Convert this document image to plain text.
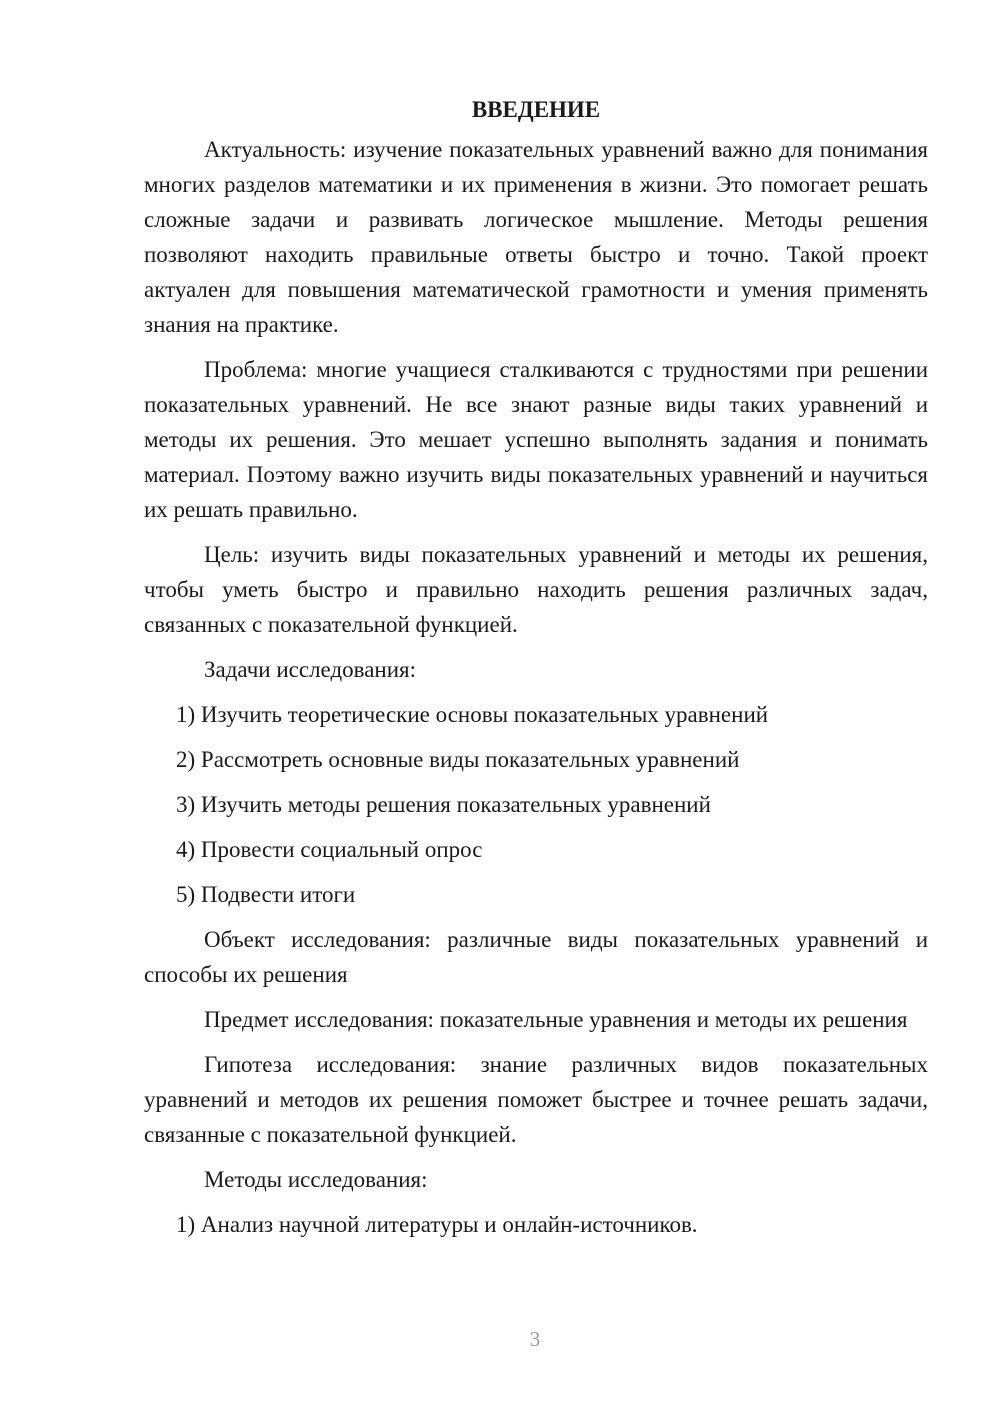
ВВЕДЕНИЕ

Актуальность: изучение показательных уравнений важно для понимания многих разделов математики и их применения в жизни. Это помогает решать сложные задачи и развивать логическое мышление. Методы решения позволяют находить правильные ответы быстро и точно. Такой проект актуален для повышения математической грамотности и умения применять знания на практике.

Проблема: многие учащиеся сталкиваются с трудностями при решении показательных уравнений. Не все знают разные виды таких уравнений и методы их решения. Это мешает успешно выполнять задания и понимать материал. Поэтому важно изучить виды показательных уравнений и научиться их решать правильно.

Цель: изучить виды показательных уравнений и методы их решения, чтобы уметь быстро и правильно находить решения различных задач, связанных с показательной функцией.

Задачи исследования:
1) Изучить теоретические основы показательных уравнений
2) Рассмотреть основные виды показательных уравнений
3) Изучить методы решения показательных уравнений
4) Провести социальный опрос
5) Подвести итоги

Объект исследования: различные виды показательных уравнений и способы их решения

Предмет исследования: показательные уравнения и методы их решения

Гипотеза исследования: знание различных видов показательных уравнений и методов их решения поможет быстрее и точнее решать задачи, связанные с показательной функцией.

Методы исследования:
1) Анализ научной литературы и онлайн-источников.
3
